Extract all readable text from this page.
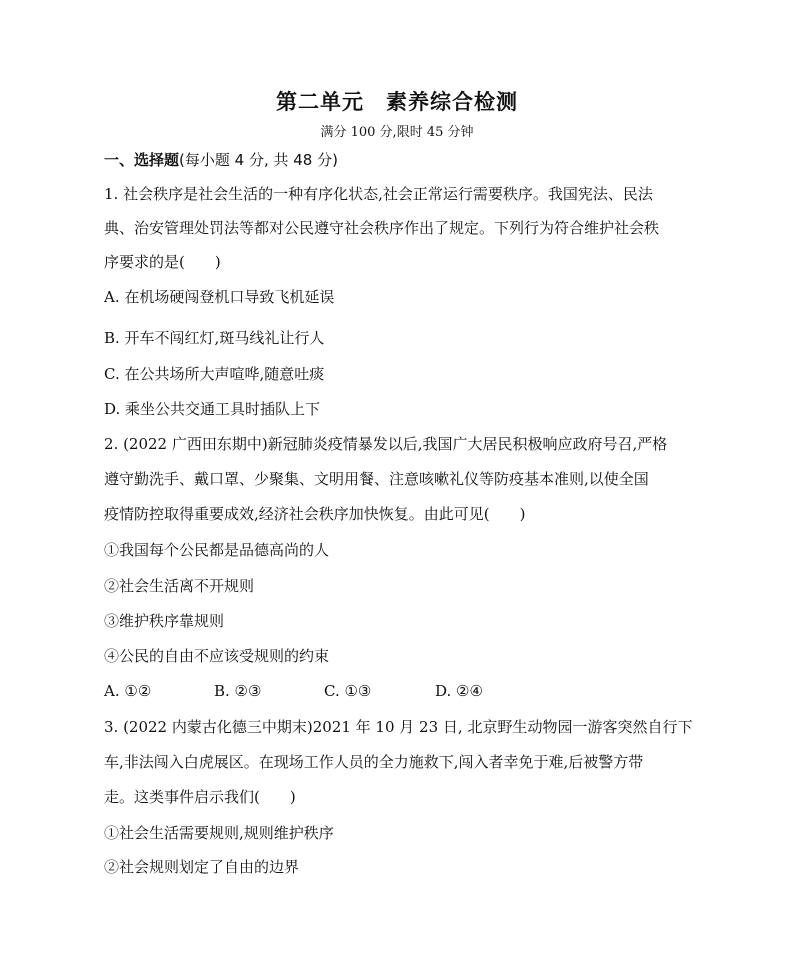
第二单元　素养综合检测
满分 100 分,限时 45 分钟
一、选择题(每小题 4 分, 共 48 分)
1. 社会秩序是社会生活的一种有序化状态,社会正常运行需要秩序。我国宪法、民法
典、治安管理处罚法等都对公民遵守社会秩序作出了规定。下列行为符合维护社会秩
序要求的是(　　)
A. 在机场硬闯登机口导致飞机延误
B. 开车不闯红灯,斑马线礼让行人
C. 在公共场所大声喧哗,随意吐痰
D. 乘坐公共交通工具时插队上下
2. (2022 广西田东期中)新冠肺炎疫情暴发以后,我国广大居民积极响应政府号召,严格
遵守勤洗手、戴口罩、少聚集、文明用餐、注意咳嗽礼仪等防疫基本准则,以使全国
疫情防控取得重要成效,经济社会秩序加快恢复。由此可见(　　)
①我国每个公民都是品德高尚的人
②社会生活离不开规则
③维护秩序靠规则
④公民的自由不应该受规则的约束
A. ①②	B. ②③	C. ①③	D. ②④
3. (2022 内蒙古化德三中期末)2021 年 10 月 23 日, 北京野生动物园一游客突然自行下
车,非法闯入白虎展区。在现场工作人员的全力施救下,闯入者幸免于难,后被警方带
走。这类事件启示我们(　　)
①社会生活需要规则,规则维护秩序
②社会规则划定了自由的边界
